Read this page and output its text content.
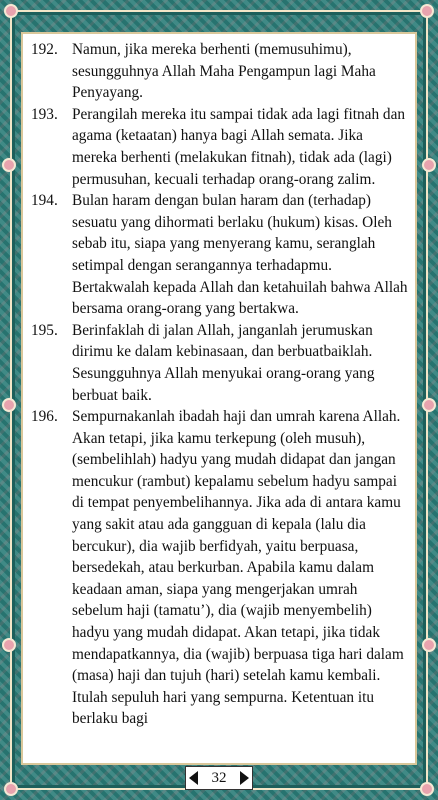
192. Namun, jika mereka berhenti (memusuhimu), sesungguhnya Allah Maha Pengampun lagi Maha Penyayang.
193. Perangilah mereka itu sampai tidak ada lagi fitnah dan agama (ketaatan) hanya bagi Allah semata. Jika mereka berhenti (melakukan fitnah), tidak ada (lagi) permusuhan, kecuali terhadap orang-orang zalim.
194. Bulan haram dengan bulan haram dan (terhadap) sesuatu yang dihormati berlaku (hukum) kisas. Oleh sebab itu, siapa yang menyerang kamu, seranglah setimpal dengan serangannya terhadapmu. Bertakwalah kepada Allah dan ketahuilah bahwa Allah bersama orang-orang yang bertakwa.
195. Berinfaklah di jalan Allah, janganlah jerumuskan dirimu ke dalam kebinasaan, dan berbuatbaiklah. Sesungguhnya Allah menyukai orang-orang yang berbuat baik.
196. Sempurnakanlah ibadah haji dan umrah karena Allah. Akan tetapi, jika kamu terkepung (oleh musuh), (sembelihlah) hadyu yang mudah didapat dan jangan mencukur (rambut) kepalamu sebelum hadyu sampai di tempat penyembelihannya. Jika ada di antara kamu yang sakit atau ada gangguan di kepala (lalu dia bercukur), dia wajib berfidyah, yaitu berpuasa, bersedekah, atau berkurban. Apabila kamu dalam keadaan aman, siapa yang mengerjakan umrah sebelum haji (tamatu’), dia (wajib menyembelih) hadyu yang mudah didapat. Akan tetapi, jika tidak mendapatkannya, dia (wajib) berpuasa tiga hari dalam (masa) haji dan tujuh (hari) setelah kamu kembali. Itulah sepuluh hari yang sempurna. Ketentuan itu berlaku bagi
32
